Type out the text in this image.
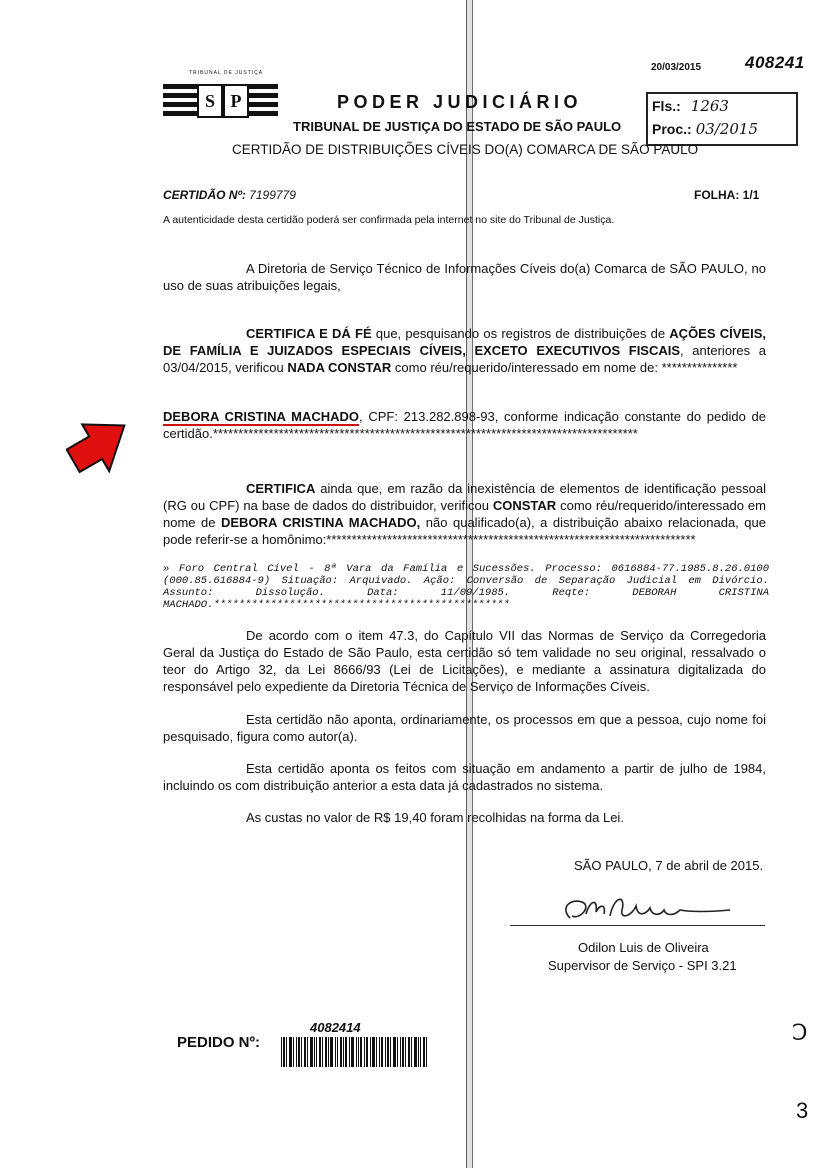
20/03/2015	408241
TRIBUNAL DE JUSTIÇA
S P	Fls.: 1263
Proc.: 03/2015
PODER JUDICIÁRIO
TRIBUNAL DE JUSTIÇA DO ESTADO DE SÃO PAULO
CERTIDÃO DE DISTRIBUIÇÕES CÍVEIS DO(A) COMARCA DE SÃO PAULO
CERTIDÃO Nº: 7199779	FOLHA: 1/1
A autenticidade desta certidão poderá ser confirmada pela internet no site do Tribunal de Justiça.
A Diretoria de Serviço Técnico de Informações Cíveis do(a) Comarca de SÃO PAULO, no uso de suas atribuições legais,
CERTIFICA E DÁ FÉ que, pesquisando os registros de distribuições de AÇÕES CÍVEIS, DE FAMÍLIA E JUIZADOS ESPECIAIS CÍVEIS, EXCETO EXECUTIVOS FISCAIS, anteriores a 03/04/2015, verificou NADA CONSTAR como réu/requerido/interessado em nome de: ***************
DEBORA CRISTINA MACHADO, CPF: 213.282.898-93, conforme indicação constante do pedido de certidão.************************************************************************************
CERTIFICA ainda que, em razão da inexistência de elementos de identificação pessoal (RG ou CPF) na base de dados do distribuidor, verificou CONSTAR como réu/requerido/interessado em nome de DEBORA CRISTINA MACHADO, não qualificado(a), a distribuição abaixo relacionada, que pode referir-se a homônimo:*************************************************************************
» Foro Central Cível - 8ª Vara da Família e Sucessões. Processo: 0616884-77.1985.8.26.0100 (000.85.616884-9) Situação: Arquivado. Ação: Conversão de Separação Judicial em Divórcio. Assunto: Dissolução. Data: 11/09/1985. Reqte: DEBORAH CRISTINA MACHADO.***********************************************
De acordo com o item 47.3, do Capítulo VII das Normas de Serviço da Corregedoria Geral da Justiça do Estado de São Paulo, esta certidão só tem validade no seu original, ressalvado o teor do Artigo 32, da Lei 8666/93 (Lei de Licitações), e mediante a assinatura digitalizada do responsável pelo expediente da Diretoria Técnica de Serviço de Informações Cíveis.
Esta certidão não aponta, ordinariamente, os processos em que a pessoa, cujo nome foi pesquisado, figura como autor(a).
Esta certidão aponta os feitos com situação em andamento a partir de julho de 1984, incluindo os com distribuição anterior a esta data já cadastrados no sistema.
As custas no valor de R$ 19,40 foram recolhidas na forma da Lei.
SÃO PAULO, 7 de abril de 2015.
Odilon Luis de Oliveira
Supervisor de Serviço - SPI 3.21
PEDIDO Nº:
4082414	Ↄ
3
